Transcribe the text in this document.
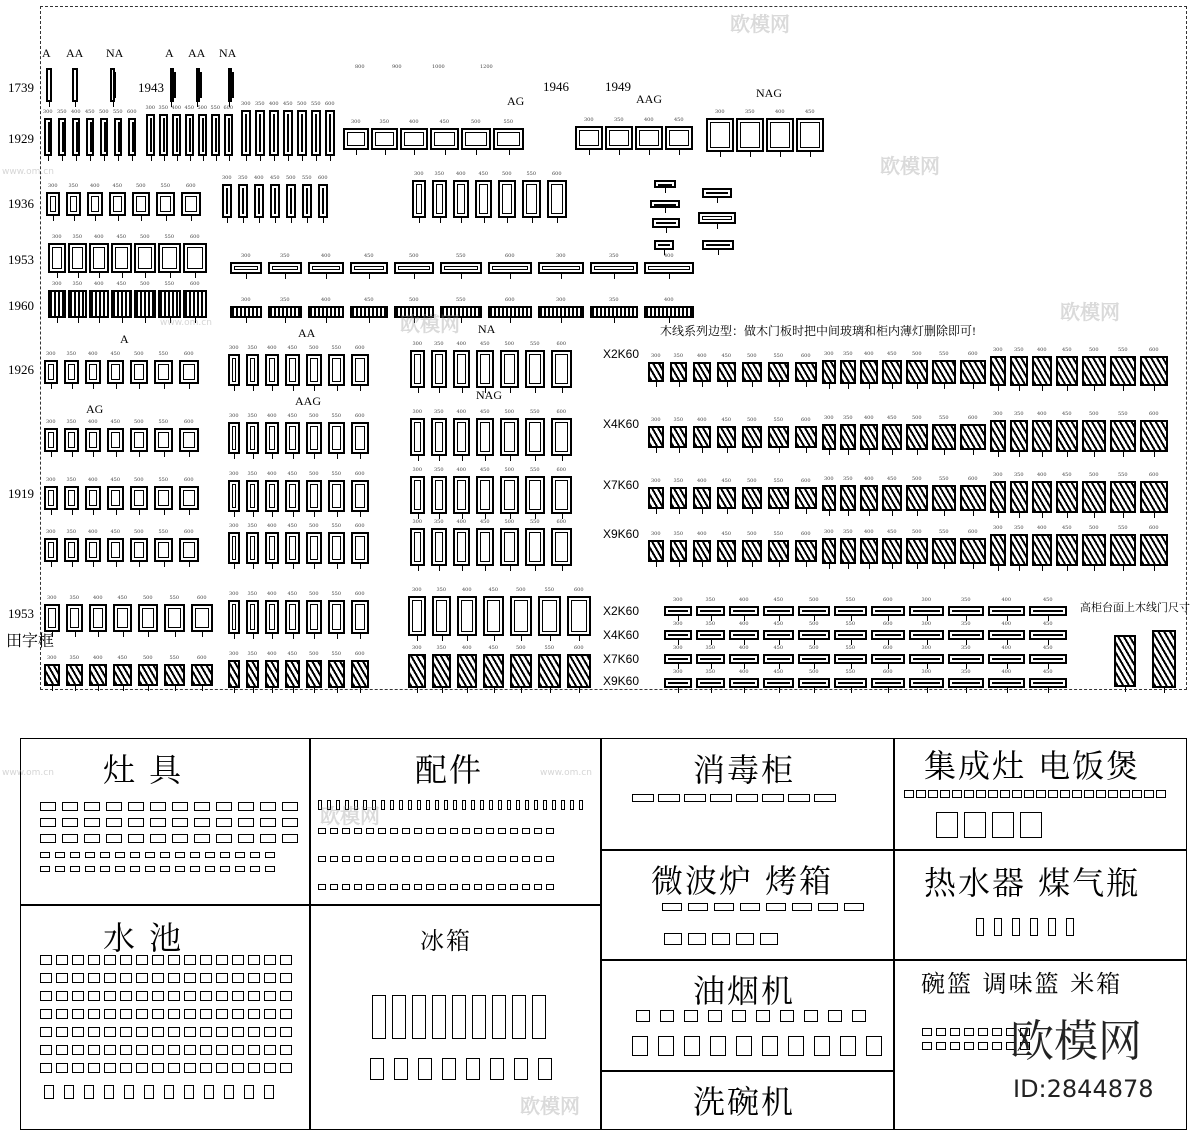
300 350 400 450 500 550 600
300 350 400 450 500 550 600
300 350 400 450 500 550 600
300	350	400	450	500	550	300	350	400	450
300	350	400	450
300 350 400	450	500	550	600
300 350 400 450 500 550 600
300 350 400	450	500	550	600
300 350 400	450	500	550	600
300	350	400	450	500	550	600	300	350	400
300 350 400	450	500	550	600
300	350	400	450	500	550	600	300	350	400
300 350 400	450	500	550	600
300 350 400 450 500	550	600
300 350	400	450	500	550	600
300 350 400	450	500	550	600
300 350 400 450 500	550	600
300 350	400	450	500	550	600
300 350 400	450	500	550	600
300 350 400 450 500	550	600
300 350	400	450	500	550	600
300 350 400	450	500	550	600
300 350 400 450 500	550	600
300 350	400	450	500	550	600
300	350	400	450	500	550	600
300 350 400 450 500	550	600
300	350	400	450	500	550	600
300	350	400	450	500	550	600
300 350 400 450 500	550	600
300	350	400	450	500	550	600
300	350	400	450	500	550	600	300 350 400	450	500	550	600
300 350	400	450	500	550	600
300	350	400	450	500	550	600	300 350 400	450	500	550	600
300 350	400	450	500	550	600
300	350	400	450	500	550	600	300 350 400	450	500	550	600
300 350	400	450	500	550	600
300	350	400	450	500	550	600	300 350 400	450	500	550	600
300 350	400	450	500	550	600
300	350	400	450	500	550	600	300	350	400	450
300	350	400	450	500	550	600	300	350	400	450
300	350	400	450	500	550	600	300	350	400	450
300	350	400	450	500	550	600	300	350	400	450
1739
1929
1936
1953
1960
1926
1919
1953
田字框
1943	1946	1949
A AA NA	A AA NA
AG	AAG	NAG
A	AA	NA
AG
AAG	NAG
木线系列边型：做木门板时把中间玻璃和柜内薄灯删除即可!
X2K60
X4K60
X7K60
X9K60
X2K60
X4K60
X7K60
X9K60
高柜台面上木线门尺寸
800	900	1000	1200
灶 具	配件
水 池	冰箱
消毒柜	集成灶 电饭煲
微波炉 烤箱	热水器 煤气瓶
油烟机	碗篮 调味篮 米箱
洗碗机
欧模网
欧模网
欧模网	欧模网
欧模网
欧模网
www.om.cn
www.om.cn
www.om.cn	www.om.cn
欧模网
ID:2844878
